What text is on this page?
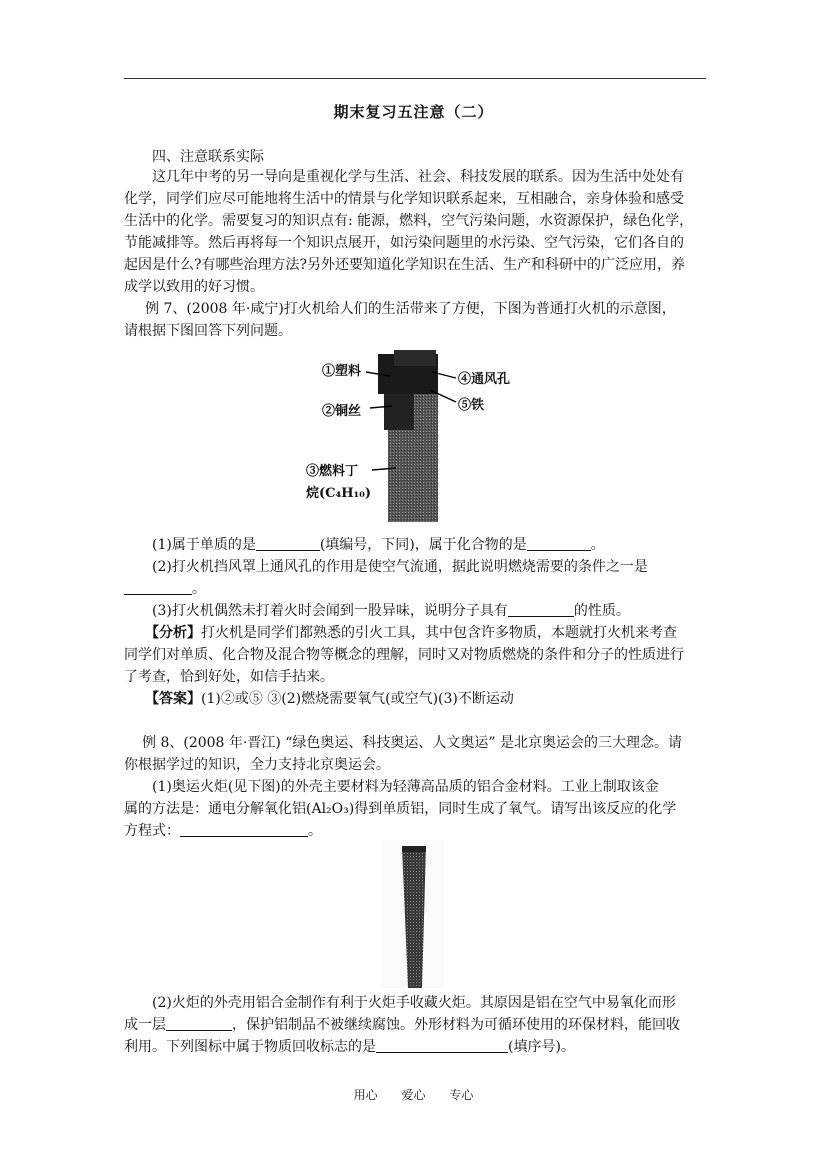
期末复习五注意（二）
四、注意联系实际
这几年中考的另一导向是重视化学与生活、社会、科技发展的联系。因为生活中处处有
化学，同学们应尽可能地将生活中的情景与化学知识联系起来，互相融合，亲身体验和感受
生活中的化学。需要复习的知识点有: 能源，燃料，空气污染问题，水资源保护，绿色化学，
节能减排等。然后再将每一个知识点展开，如污染问题里的水污染、空气污染，它们各自的
起因是什么?有哪些治理方法?另外还要知道化学知识在生活、生产和科研中的广泛应用，养
成学以致用的好习惯。
例 7、(2008 年·咸宁)打火机给人们的生活带来了方便，下图为普通打火机的示意图，
请根据下图回答下列问题。
①塑料
②铜丝
③燃料丁
烷(C₄H₁₀)
④通风孔
⑤铁
(1)属于单质的是	(填编号，下同)，属于化合物的是	。
(2)打火机挡风罩上通风孔的作用是使空气流通，据此说明燃烧需要的条件之一是
。
(3)打火机偶然未打着火时会闻到一股异味，说明分子具有	的性质。
【分析】打火机是同学们都熟悉的引火工具，其中包含许多物质，本题就打火机来考查
同学们对单质、化合物及混合物等概念的理解，同时又对物质燃烧的条件和分子的性质进行
了考查，恰到好处，如信手拈来。
【答案】(1)②或⑤ ③(2)燃烧需要氧气(或空气)(3)不断运动
例 8、(2008 年·晋江) “绿色奥运、科技奥运、人文奥运” 是北京奥运会的三大理念。请
你根据学过的知识，全力支持北京奥运会。
(1)奥运火炬(见下图)的外壳主要材料为轻薄高品质的铝合金材料。工业上制取该金
属的方法是：通电分解氧化铝(Al₂O₃)得到单质铝，同时生成了氧气。请写出该反应的化学
方程式：	。
(2)火炬的外壳用铝合金制作有利于火炬手收藏火炬。其原因是铝在空气中易氧化而形
成一层	，保护铝制品不被继续腐蚀。外形材料为可循环使用的环保材料，能回收
利用。下列图标中属于物质回收标志的是	(填序号)。
用心 爱心 专心
